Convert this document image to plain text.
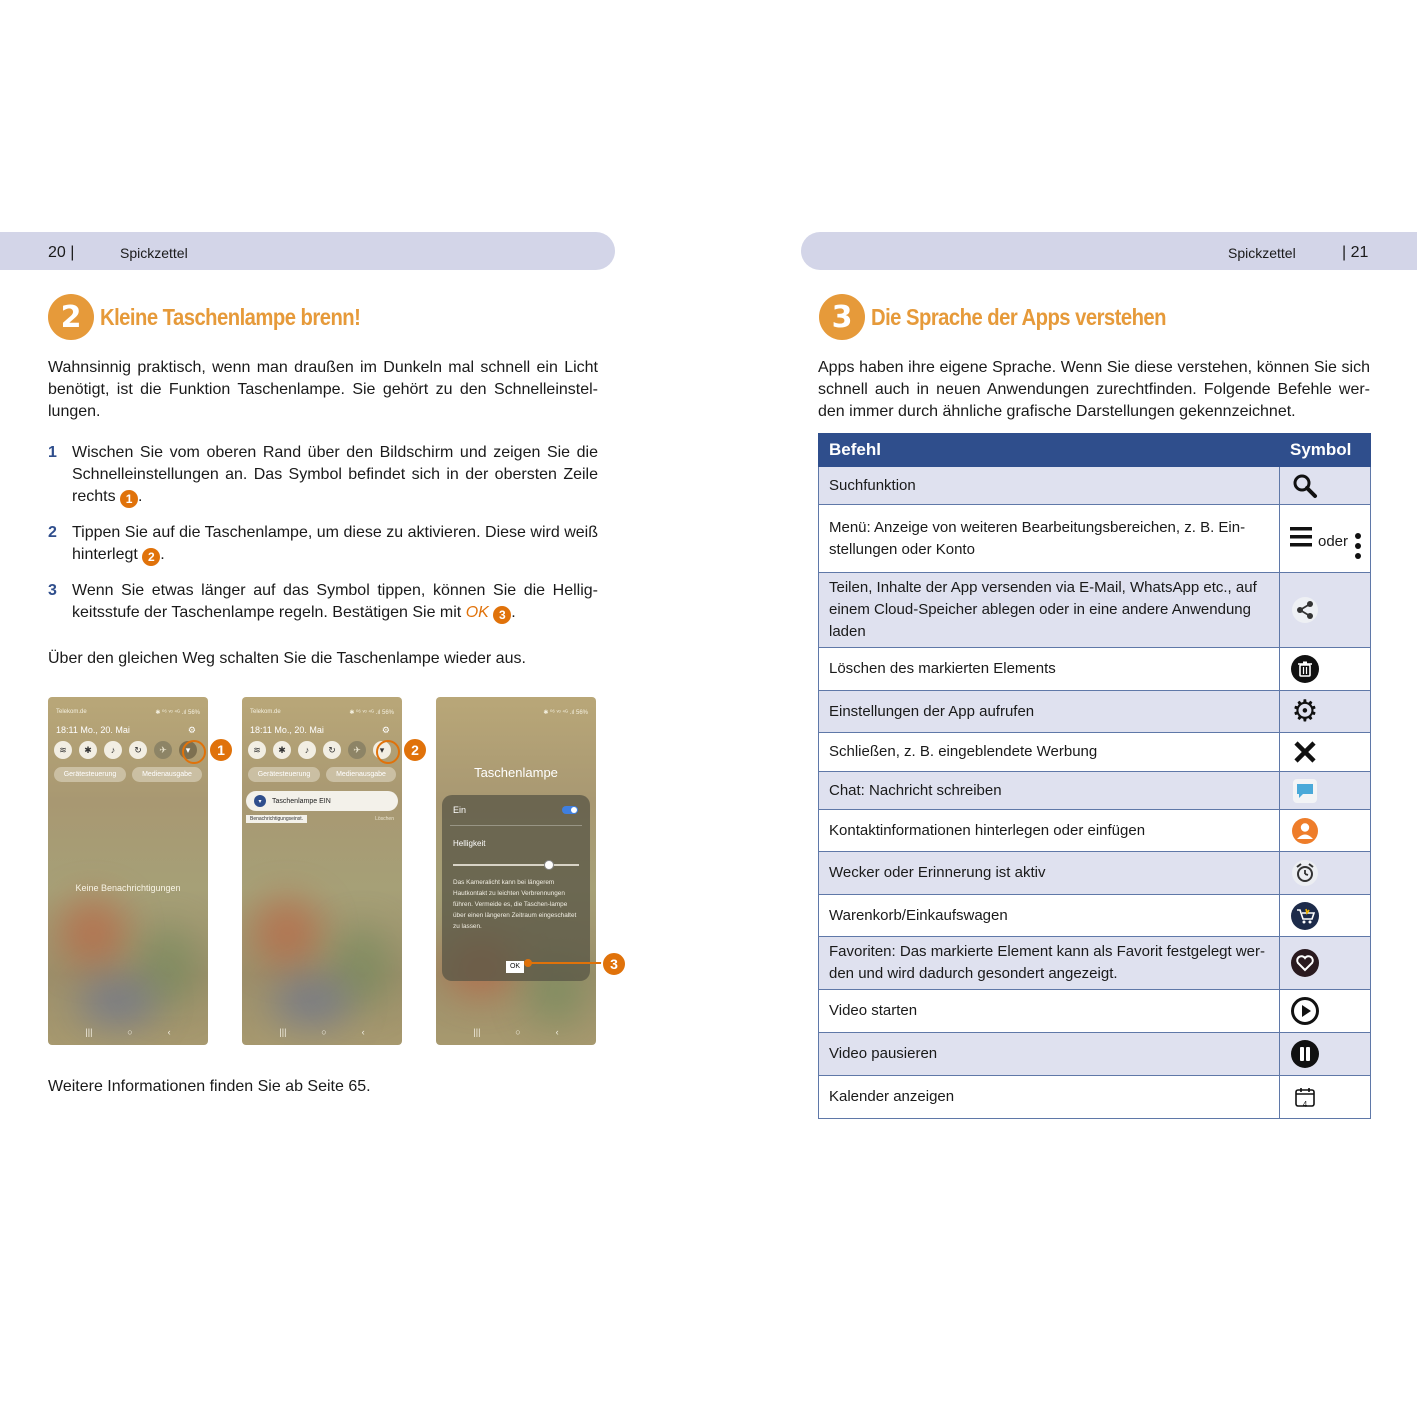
20 |	Spickzettel
2 Kleine Taschenlampe brenn!
Wahnsinnig praktisch, wenn man draußen im Dunkeln mal schnell ein Licht benötigt, ist die Funktion Taschenlampe. Sie gehört zu den Schnelleinstel-lungen.
1 Wischen Sie vom oberen Rand über den Bildschirm und zeigen Sie die Schnelleinstellungen an. Das Symbol befindet sich in der obersten Zeile rechts 1 .
2 Tippen Sie auf die Taschenlampe, um diese zu aktivieren. Diese wird weiß hinterlegt 2 .
3 Wenn Sie etwas länger auf das Symbol tippen, können Sie die Hellig-keitsstufe der Taschenlampe regeln. Bestätigen Sie mit OK 3 .
Über den gleichen Weg schalten Sie die Taschenlampe wieder aus.
Telekom.de	✱ ⁰⁶ ᵛᵒ ⁴ᴳ .ıl 56%
18:11 Mo., 20. Mai	⚙
≋	✱	♪	↻	✈	▾
Gerätesteuerung	Medienausgabe
Keine Benachrichtigungen
|||	○	‹
1
Telekom.de	✱ ⁰⁶ ᵛᵒ ⁴ᴳ .ıl 56%
18:11 Mo., 20. Mai	⚙
≋	✱	♪	↻	✈	▾
Gerätesteuerung	Medienausgabe
▾	Taschenlampe EIN
Benachrichtigungseinst.	Löschen
|||	○	‹
2
✱ ⁰⁶ ᵛᵒ ⁴ᴳ .ıl 56%
Taschenlampe
Ein
Helligkeit
Das Kameralicht kann bei längerem Hautkontakt zu leichten Verbrennungen führen. Vermeide es, die Taschen-lampe über einen längeren Zeitraum eingeschaltet zu lassen.
OK
|||	○	‹
3
Weitere Informationen finden Sie ab Seite 65.
Spickzettel	| 21
3 Die Sprache der Apps verstehen
Apps haben ihre eigene Sprache. Wenn Sie diese verstehen, können Sie sich schnell auch in neuen Anwendungen zurechtfinden. Folgende Befehle wer-den immer durch ähnliche grafische Darstellungen gekennzeichnet.
Befehl	Symbol
Suchfunktion	

Menü: Anzeige von weiteren Bearbeitungsbereichen, z. B. Ein-stellungen oder Konto	oder

Teilen, Inhalte der App versenden via E-Mail, WhatsApp etc., auf einem Cloud-Speicher ablegen oder in eine andere Anwendung laden	

Löschen des markierten Elements	

Einstellungen der App aufrufen	⚙

Schließen, z. B. eingeblendete Werbung	

Chat: Nachricht schreiben	

Kontaktinformationen hinterlegen oder einfügen	

Wecker oder Erinnerung ist aktiv	

Warenkorb/Einkaufswagen	

Favoriten: Das markierte Element kann als Favorit festgelegt wer-den und wird dadurch gesondert angezeigt.	

Video starten	

Video pausieren	

Kalender anzeigen	4
